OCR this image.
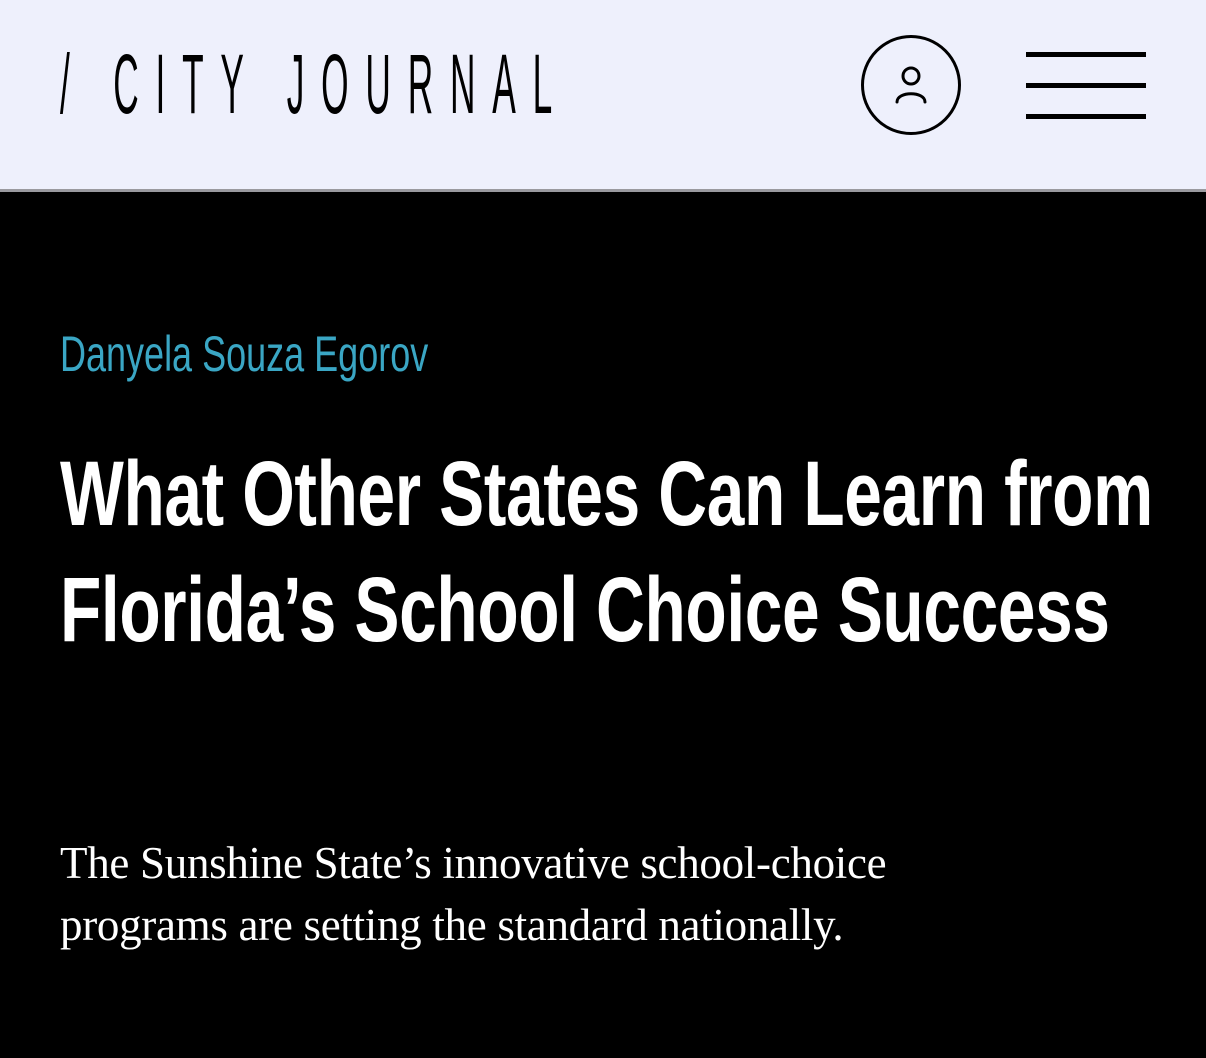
/ CITY JOURNAL
Danyela Souza Egorov
What Other States Can Learn from Florida’s School Choice Success

The Sunshine State’s innovative school-choice programs are setting the standard nationally.
